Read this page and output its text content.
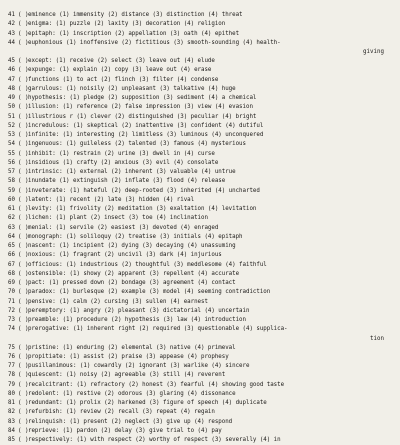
41 ( ) eminence (1) immensity (2) distance (3) distinction (4) threat
42 ( ) enigma: (1) puzzle (2) laxity (3) decoration (4) religion
43 ( ) epitaph: (1) inscription (2) appellation (3) oath (4) epithet
44 ( ) euphonious (1) inoffensive (2) fictitious (3) smooth-sounding (4) health-
giving
45 ( ) except: (1) receive (2) select (3) leave out (4) elude
46 ( ) expunge: (1) explain (2) copy (3) leave out (4) erase
47 ( ) functions (1) to act (2) flinch (3) filter (4) condense
48 ( ) garrulous: (1) noisily (2) unpleasant (3) talkative (4) huge
49 ( ) hypothesis: (1) pledge (2) supposition (3) sediment (4) a chemical
50 ( ) illusion: (1) reference (2) false impression (3) view (4) evasion
51 ( ) illustrious r (1) clever (2) distinguished (3) peculiar (4) bright
52 ( ) incredulous: (1) skeptical (2) inattentive (3) confident (4) dutiful
53 ( ) infinite: (1) interesting (2) limitless (3) luminous (4) unconquered
54 ( ) ingenuous: (1) guileless (2) talented (3) famous (4) mysterious
55 ( ) inhibit: (1) restrain (2) urine (3) dwell in (4) curse
56 ( ) insidious (1) crafty (2) anxious (3) evil (4) consolate
57 ( ) intrinsic: (1) external (2) inherent (3) valuable (4) untrue
58 ( ) inundate (1) extinguish (2) inflate (3) flood (4) release
59 ( ) inveterate: (1) hateful (2) deep-rooted (3) inherited (4) uncharted
60 ( ) latent: (1) recent (2) late (3) hidden (4) rival
61 ( ) levity: (1) frivolity (2) meditation (3) exaltation (4) levitation
62 ( ) lichen: (1) plant (2) insect (3) toe (4) inclination
63 ( ) menial: (1) servile (2) easiest (3) devoted (4) enraged
64 ( ) monograph: (1) soliloquy (2) treatise (3) initials (4) epitaph
65 ( ) nascent: (1) incipient (2) dying (3) decaying (4) unassuming
66 ( ) noxious: (1) fragrant (2) uncivil (3) dark (4) injurious
67 ( ) officious: (1) industrious (2) thoughtful (3) meddlesome (4) faithful
68 ( ) ostensible: (1) showy (2) apparent (3) repellent (4) accurate
69 ( ) pact: (1) pressed down (2) bondage (3) agreement (4) contact
70 ( ) paradox: (1) burlesque (2) example (3) model (4) seeming contradiction
71 ( ) pensive: (1) calm (2) cursing (3) sullen (4) earnest
72 ( ) peremptory: (1) angry (2) pleasant (3) dictatorial (4) uncertain
73 ( ) preamble: (1) procedure (2) hypothesis (3) law (4) introduction
74 ( ) prerogative: (1) inherent right (2) required (3) questionable (4) supplica-
tion
75 ( ) pristine: (1) enduring (2) elemental (3) native (4) primeval
76 ( ) propitiate: (1) assist (2) praise (3) appease (4) prophesy
77 ( ) pusillanimous: (1) cowardly (2) ignorant (3) warlike (4) sincere
78 ( ) quiescent: (1) noisy (2) agreeable (3) still (4) reverent
79 ( ) recalcitrant: (1) refractory (2) honest (3) fearful (4) showing good taste
80 ( ) redolent: (1) restive (2) odorous (3) glaring (4) dissonance
81 ( ) redundant: (1) prolix (2) harkened (3) figure of speech (4) duplicate
82 ( ) refurbish: (1) review (2) recall (3) repeat (4) regain
83 ( ) relinquish: (1) present (2) neglect (3) give up (4) respond
84 ( ) reprieve: (1) pardon (2) delay (3) give trial to (4) pay
85 ( ) respectively: (1) with respect (2) worthy of respect (3) severally (4) in
